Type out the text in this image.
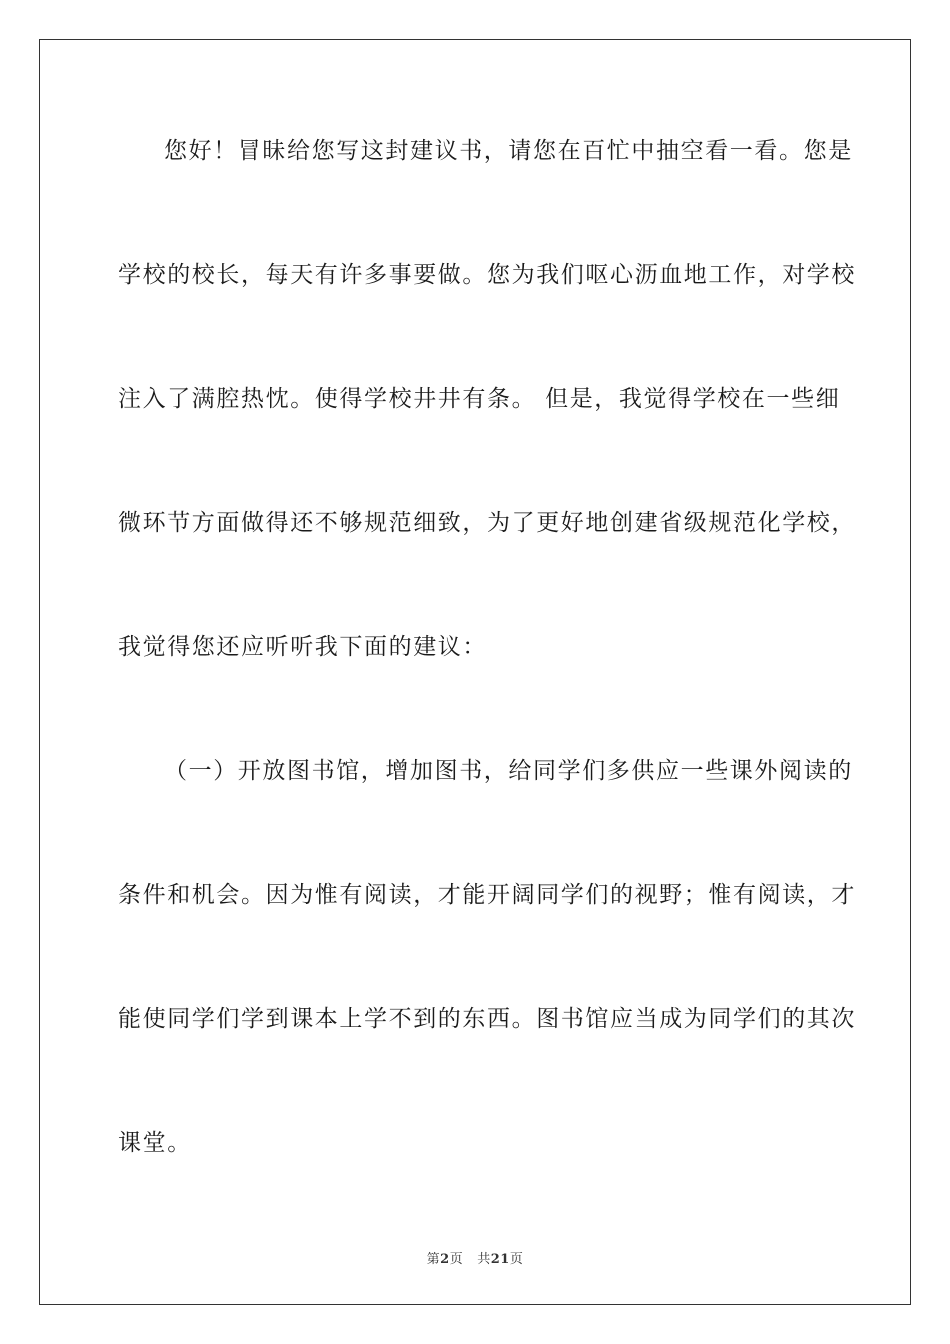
您好！冒昧给您写这封建议书，请您在百忙中抽空看一看。您是
学校的校长，每天有许多事要做。您为我们呕心沥血地工作，对学校
注入了满腔热忱。使得学校井井有条。 但是，我觉得学校在一些细
微环节方面做得还不够规范细致，为了更好地创建省级规范化学校，
我觉得您还应听听我下面的建议：
（一）开放图书馆，增加图书，给同学们多供应一些课外阅读的
条件和机会。因为惟有阅读，才能开阔同学们的视野；惟有阅读，才
能使同学们学到课本上学不到的东西。图书馆应当成为同学们的其次
课堂。
第2页 共21页
